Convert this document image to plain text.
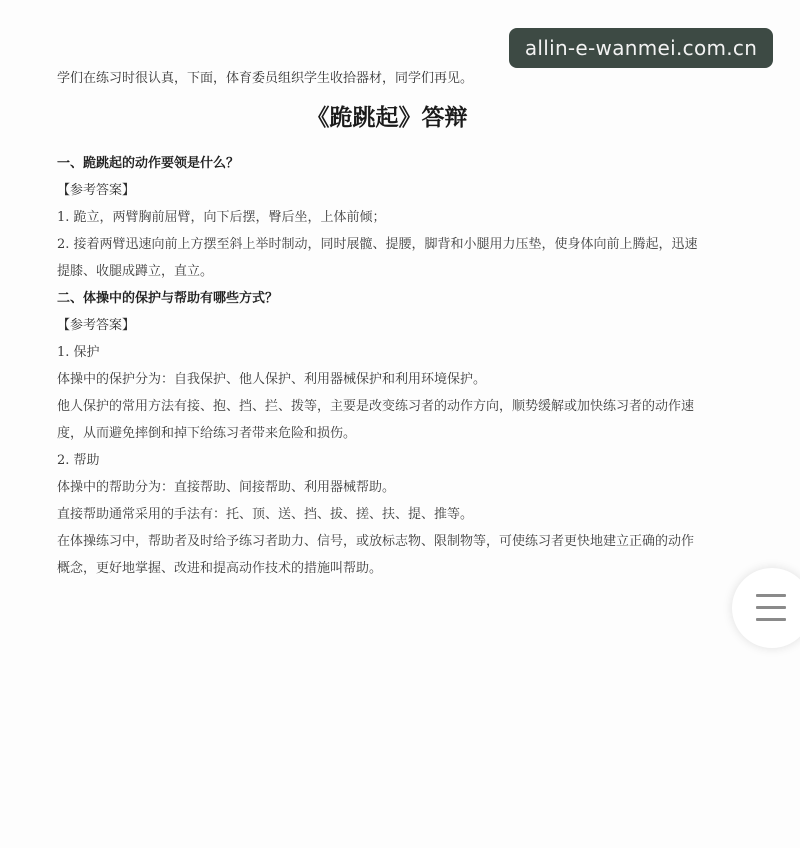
allin-e-wanmei.com.cn
学们在练习时很认真，下面，体育委员组织学生收拾器材，同学们再见。
《跪跳起》答辩
一、跪跳起的动作要领是什么？
【参考答案】
1. 跪立，两臂胸前屈臂，向下后摆，臀后坐，上体前倾；
2. 接着两臂迅速向前上方摆至斜上举时制动，同时展髋、提腰，脚背和小腿用力压垫，使身体向前上腾起，迅速
提膝、收腿成蹲立，直立。
二、体操中的保护与帮助有哪些方式？
【参考答案】
1. 保护
体操中的保护分为：自我保护、他人保护、利用器械保护和利用环境保护。
他人保护的常用方法有接、抱、挡、拦、拨等，主要是改变练习者的动作方向，顺势缓解或加快练习者的动作速
度，从而避免摔倒和掉下给练习者带来危险和损伤。
2. 帮助
体操中的帮助分为：直接帮助、间接帮助、利用器械帮助。
直接帮助通常采用的手法有：托、顶、送、挡、拔、搓、扶、提、推等。
在体操练习中，帮助者及时给予练习者助力、信号，或放标志物、限制物等，可使练习者更快地建立正确的动作
概念，更好地掌握、改进和提高动作技术的措施叫帮助。
